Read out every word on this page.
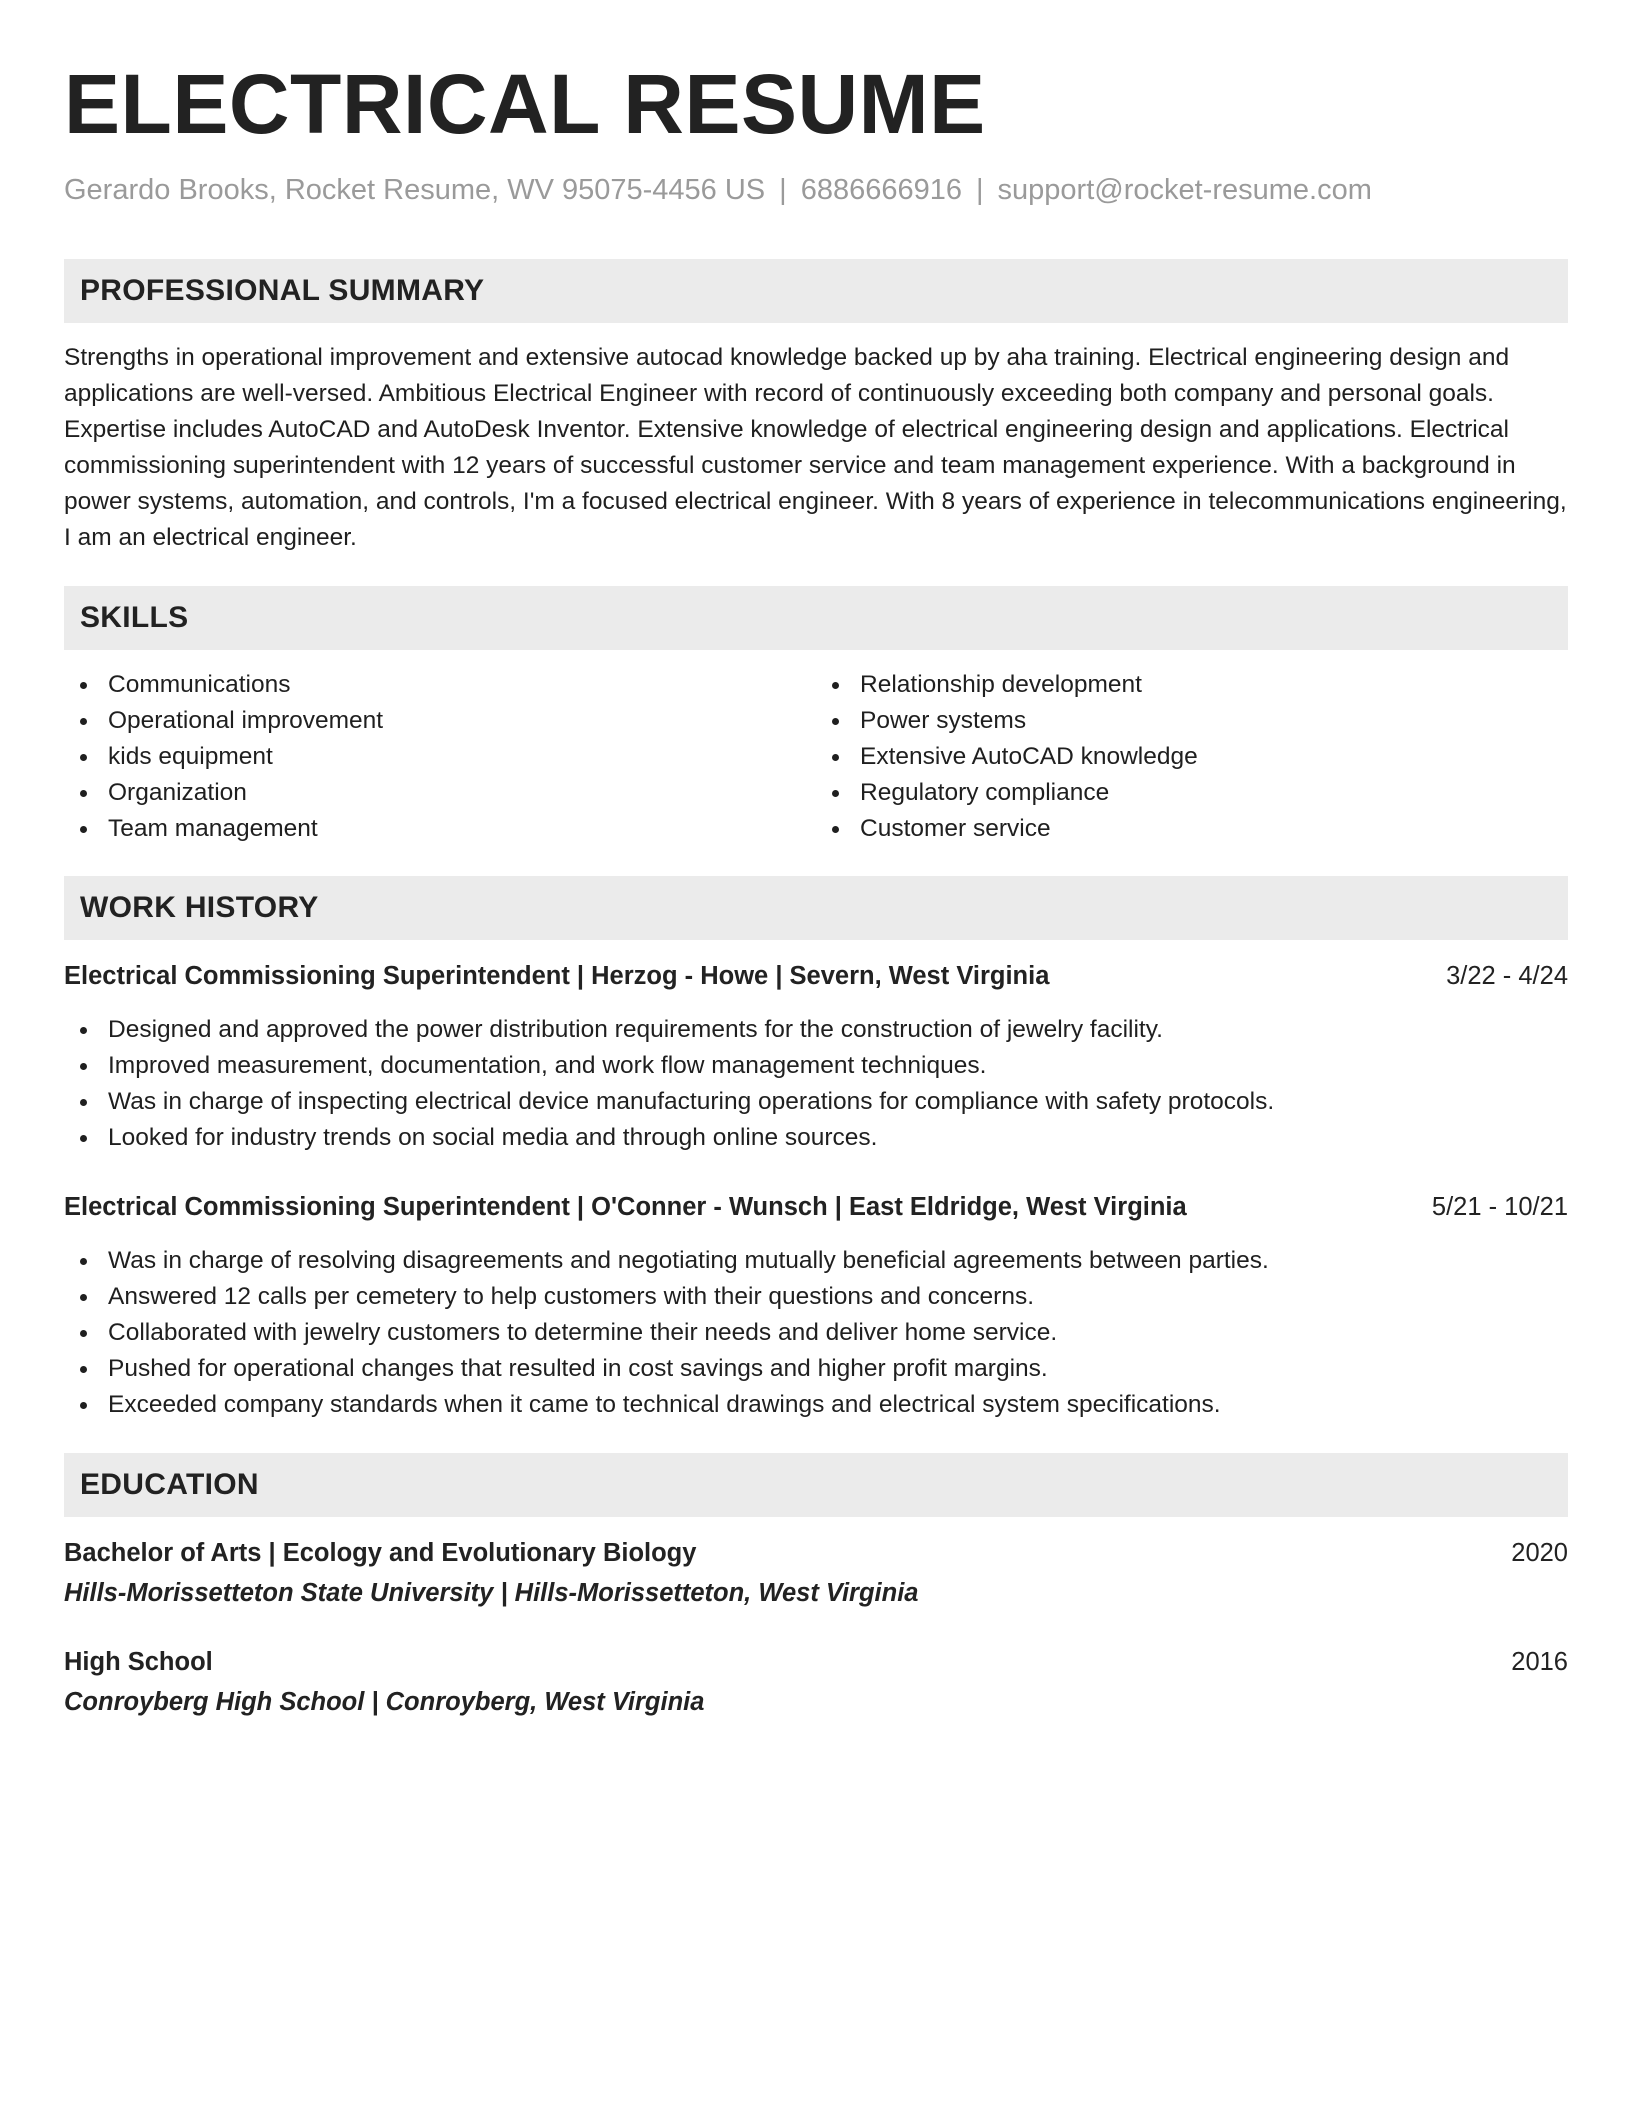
ELECTRICAL RESUME
Gerardo Brooks, Rocket Resume, WV 95075-4456 US | 6886666916 | support@rocket-resume.com
PROFESSIONAL SUMMARY
Strengths in operational improvement and extensive autocad knowledge backed up by aha training. Electrical engineering design and applications are well-versed. Ambitious Electrical Engineer with record of continuously exceeding both company and personal goals. Expertise includes AutoCAD and AutoDesk Inventor. Extensive knowledge of electrical engineering design and applications. Electrical commissioning superintendent with 12 years of successful customer service and team management experience. With a background in power systems, automation, and controls, I'm a focused electrical engineer. With 8 years of experience in telecommunications engineering, I am an electrical engineer.
SKILLS
Communications
Operational improvement
kids equipment
Organization
Team management
Relationship development
Power systems
Extensive AutoCAD knowledge
Regulatory compliance
Customer service
WORK HISTORY
Electrical Commissioning Superintendent | Herzog - Howe | Severn, West Virginia	3/22 - 4/24
Designed and approved the power distribution requirements for the construction of jewelry facility.
Improved measurement, documentation, and work flow management techniques.
Was in charge of inspecting electrical device manufacturing operations for compliance with safety protocols.
Looked for industry trends on social media and through online sources.
Electrical Commissioning Superintendent | O'Conner - Wunsch | East Eldridge, West Virginia	5/21 - 10/21
Was in charge of resolving disagreements and negotiating mutually beneficial agreements between parties.
Answered 12 calls per cemetery to help customers with their questions and concerns.
Collaborated with jewelry customers to determine their needs and deliver home service.
Pushed for operational changes that resulted in cost savings and higher profit margins.
Exceeded company standards when it came to technical drawings and electrical system specifications.
EDUCATION
Bachelor of Arts | Ecology and Evolutionary Biology	2020
Hills-Morissetteton State University | Hills-Morissetteton, West Virginia
High School	2016
Conroyberg High School | Conroyberg, West Virginia
